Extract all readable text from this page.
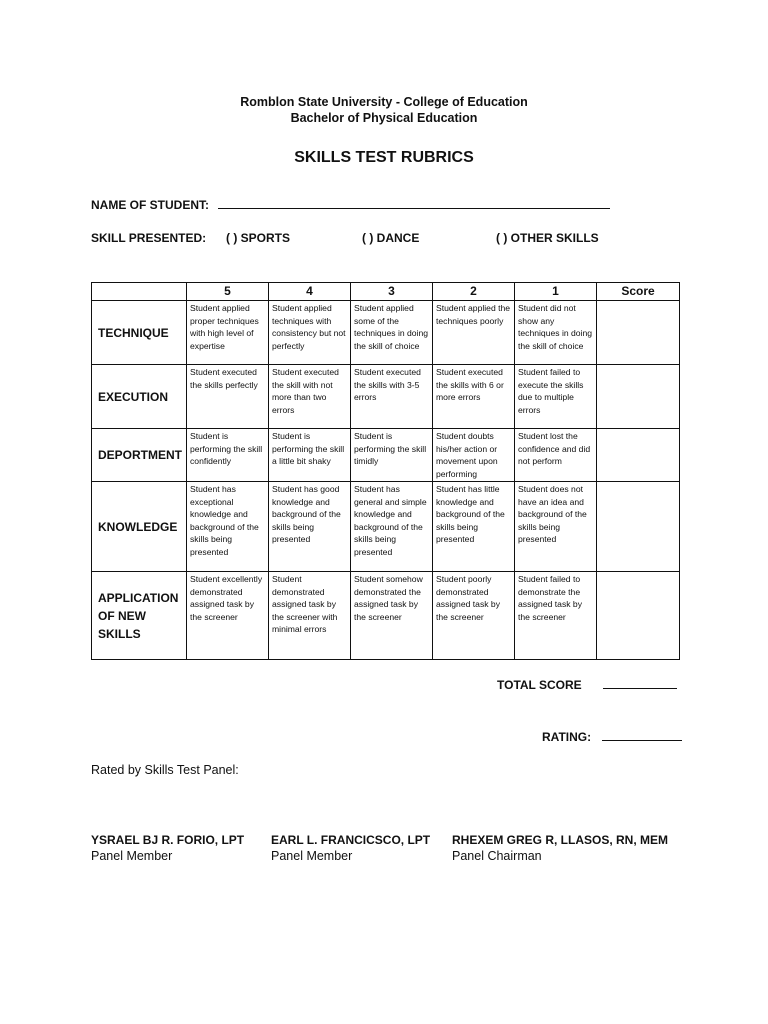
Romblon State University - College of Education
Bachelor of Physical Education
SKILLS TEST RUBRICS
NAME OF STUDENT:
SKILL PRESENTED: ( ) SPORTS	( ) DANCE	( ) OTHER SKILLS
	5	4	3	2	1	Score
TECHNIQUE	Student applied proper techniques with high level of expertise	Student applied techniques with consistency but not perfectly	Student applied some of the techniques in doing the skill of choice	Student applied the techniques poorly	Student did not show any techniques in doing the skill of choice	
EXECUTION	Student executed the skills perfectly	Student executed the skill with not more than two errors	Student executed the skills with 3-5 errors	Student executed the skills with 6 or more errors	Student failed to execute the skills due to multiple errors	
DEPORTMENT	Student is performing the skill confidently	Student is performing the skill a little bit shaky	Student is performing the skill timidly	Student doubts his/her action or movement upon performing	Student lost the confidence and did not perform	
KNOWLEDGE	Student has exceptional knowledge and background of the skills being presented	Student has good knowledge and background of the skills being presented	Student has general and simple knowledge and background of the skills being presented	Student has little knowledge and background of the skills being presented	Student does not have an idea and background of the skills being presented	
APPLICATION OF NEW SKILLS	Student excellently demonstrated assigned task by the screener	Student demonstrated assigned task by the screener with minimal errors	Student somehow demonstrated the assigned task by the screener	Student poorly demonstrated assigned task by the screener	Student failed to demonstrate the assigned task by the screener	
TOTAL SCORE
RATING:
Rated by Skills Test Panel:
YSRAEL BJ R. FORIO, LPT
Panel Member
EARL L. FRANCICSCO, LPT
Panel Member
RHEXEM GREG R, LLASOS, RN, MEM
Panel Chairman
